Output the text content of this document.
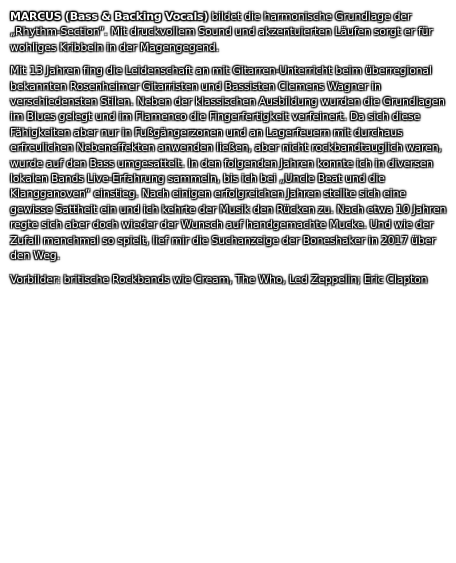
MARCUS (Bass & Backing Vocals) bildet die harmonische Grundlage der „Rhythm-Section“. Mit druckvollem Sound und akzentuierten Läufen sorgt er für wohliges Kribbeln in der Magengegend.

Mit 13 Jahren fing die Leidenschaft an mit Gitarren-Unterricht beim überregional bekannten Rosenheimer Gitarristen und Bassisten Clemens Wagner in verschiedensten Stilen. Neben der klassischen Ausbildung wurden die Grundlagen im Blues gelegt und im Flamenco die Fingerfertigkeit verfeinert. Da sich diese Fähigkeiten aber nur in Fußgängerzonen und an Lagerfeuern mit durchaus erfreulichen Nebeneffekten anwenden ließen, aber nicht rockbandtauglich waren, wurde auf den Bass umgesattelt. In den folgenden Jahren konnte ich in diversen lokalen Bands Live-Erfahrung sammeln, bis ich bei „Uncle Beat und die Klangganoven“ einstieg. Nach einigen erfolgreichen Jahren stellte sich eine gewisse Sattheit ein und ich kehrte der Musik den Rücken zu. Nach etwa 10 Jahren regte sich aber doch wieder der Wunsch auf handgemachte Mucke. Und wie der Zufall manchmal so spielt, lief mir die Suchanzeige der Boneshaker in 2017 über den Weg.

Vorbilder: britische Rockbands wie Cream, The Who, Led Zeppelin; Eric Clapton
